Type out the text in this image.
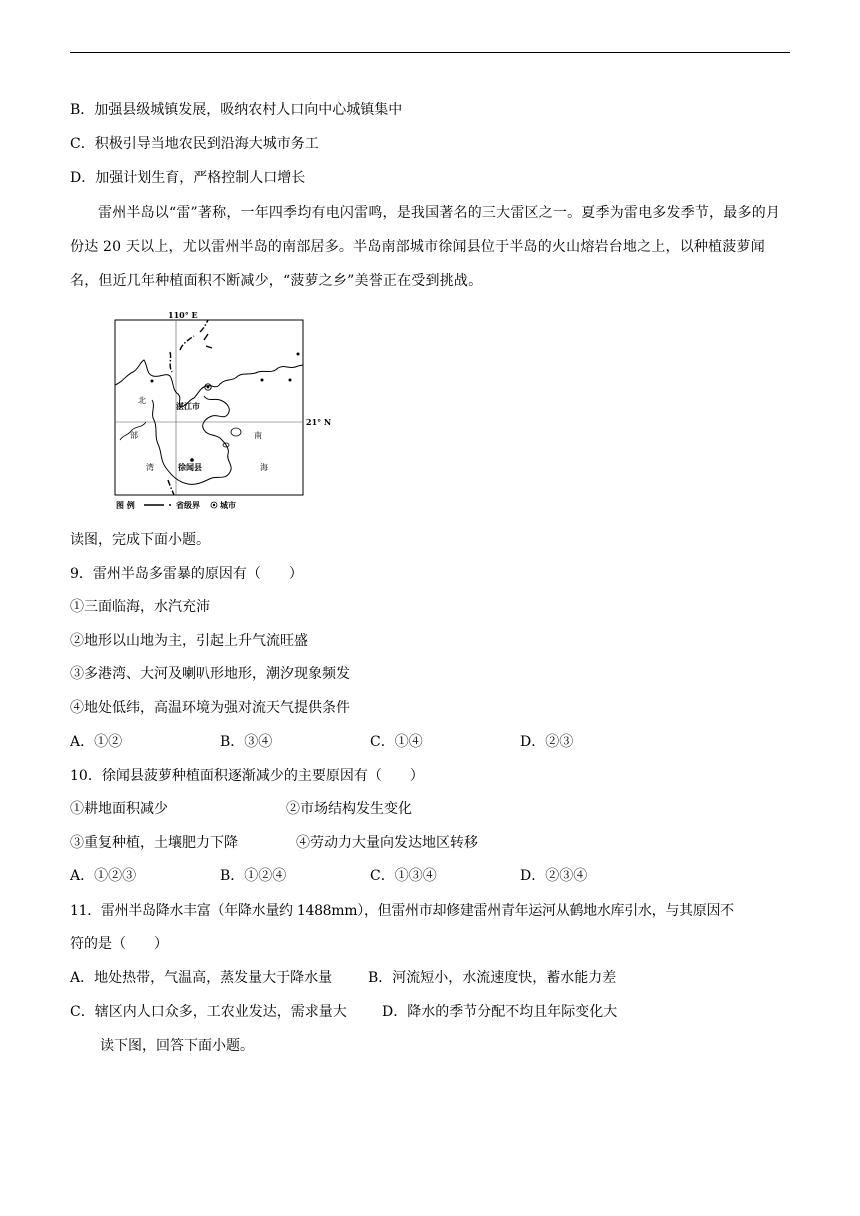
B．加强县级城镇发展，吸纳农村人口向中心城镇集中
C．积极引导当地农民到沿海大城市务工
D．加强计划生育，严格控制人口增长
雷州半岛以“雷”著称，一年四季均有电闪雷鸣，是我国著名的三大雷区之一。夏季为雷电多发季节，最多的月份达 20 天以上，尤以雷州半岛的南部居多。半岛南部城市徐闻县位于半岛的火山熔岩台地之上，以种植菠萝闻名，但近几年种植面积不断减少，“菠萝之乡”美誉正在受到挑战。
110° E
21° N
北
部
湾
南
海
湛江市
徐闻县
图 例	省级界	城市
读图，完成下面小题。
9．雷州半岛多雷暴的原因有（　　）
①三面临海，水汽充沛
②地形以山地为主，引起上升气流旺盛
③多港湾、大河及喇叭形地形，潮汐现象频发
④地处低纬，高温环境为强对流天气提供条件
A．①②	B．③④	C．①④	D．②③
10．徐闻县菠萝种植面积逐渐减少的主要原因有（　　）
①耕地面积减少	②市场结构发生变化
③重复种植，土壤肥力下降	④劳动力大量向发达地区转移
A．①②③	B．①②④	C．①③④	D．②③④
11．雷州半岛降水丰富（年降水量约 1488mm），但雷州市却修建雷州青年运河从鹤地水库引水，与其原因不
符的是（　　）
A．地处热带，气温高，蒸发量大于降水量	B．河流短小，水流速度快，蓄水能力差
C．辖区内人口众多，工农业发达，需求量大	D．降水的季节分配不均且年际变化大
读下图，回答下面小题。
